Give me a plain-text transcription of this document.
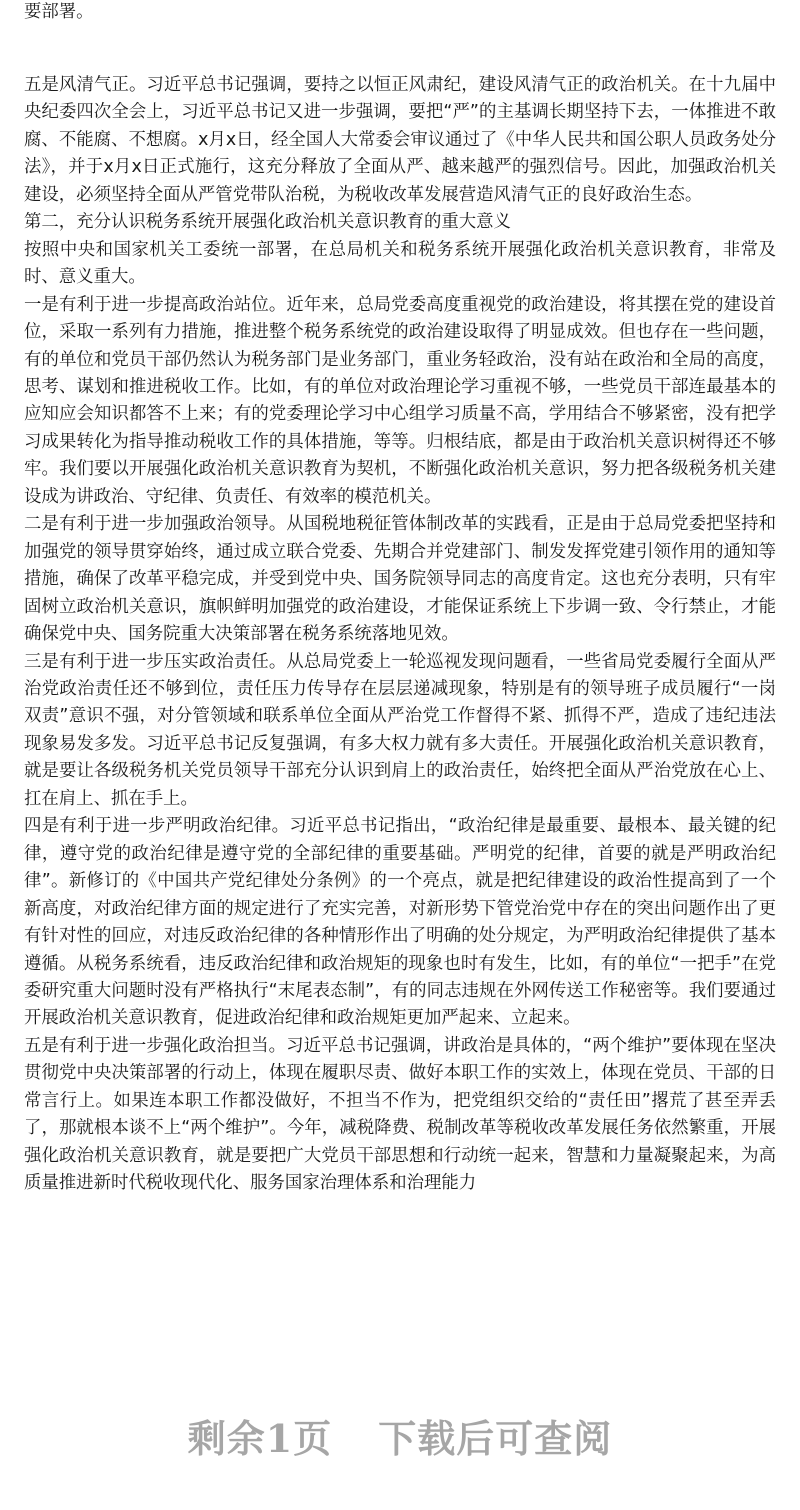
要部署。

五是风清气正。习近平总书记强调，要持之以恒正风肃纪，建设风清气正的政治机关。在十九届中央纪委四次全会上，习近平总书记又进一步强调，要把“严”的主基调长期坚持下去，一体推进不敢腐、不能腐、不想腐。x月x日，经全国人大常委会审议通过了《中华人民共和国公职人员政务处分法》，并于x月x日正式施行，这充分释放了全面从严、越来越严的强烈信号。因此，加强政治机关建设，必须坚持全面从严管党带队治税，为税收改革发展营造风清气正的良好政治生态。

第二，充分认识税务系统开展强化政治机关意识教育的重大意义

按照中央和国家机关工委统一部署，在总局机关和税务系统开展强化政治机关意识教育，非常及时、意义重大。

一是有利于进一步提高政治站位。近年来，总局党委高度重视党的政治建设，将其摆在党的建设首位，采取一系列有力措施，推进整个税务系统党的政治建设取得了明显成效。但也存在一些问题，有的单位和党员干部仍然认为税务部门是业务部门，重业务轻政治，没有站在政治和全局的高度，思考、谋划和推进税收工作。比如，有的单位对政治理论学习重视不够，一些党员干部连最基本的应知应会知识都答不上来；有的党委理论学习中心组学习质量不高，学用结合不够紧密，没有把学习成果转化为指导推动税收工作的具体措施，等等。归根结底，都是由于政治机关意识树得还不够牢。我们要以开展强化政治机关意识教育为契机，不断强化政治机关意识，努力把各级税务机关建设成为讲政治、守纪律、负责任、有效率的模范机关。

二是有利于进一步加强政治领导。从国税地税征管体制改革的实践看，正是由于总局党委把坚持和加强党的领导贯穿始终，通过成立联合党委、先期合并党建部门、制发发挥党建引领作用的通知等措施，确保了改革平稳完成，并受到党中央、国务院领导同志的高度肯定。这也充分表明，只有牢固树立政治机关意识，旗帜鲜明加强党的政治建设，才能保证系统上下步调一致、令行禁止，才能确保党中央、国务院重大决策部署在税务系统落地见效。

三是有利于进一步压实政治责任。从总局党委上一轮巡视发现问题看，一些省局党委履行全面从严治党政治责任还不够到位，责任压力传导存在层层递减现象，特别是有的领导班子成员履行“一岗双责”意识不强，对分管领域和联系单位全面从严治党工作督得不紧、抓得不严，造成了违纪违法现象易发多发。习近平总书记反复强调，有多大权力就有多大责任。开展强化政治机关意识教育，就是要让各级税务机关党员领导干部充分认识到肩上的政治责任，始终把全面从严治党放在心上、扛在肩上、抓在手上。

四是有利于进一步严明政治纪律。习近平总书记指出，“政治纪律是最重要、最根本、最关键的纪律，遵守党的政治纪律是遵守党的全部纪律的重要基础。严明党的纪律，首要的就是严明政治纪律”。新修订的《中国共产党纪律处分条例》的一个亮点，就是把纪律建设的政治性提高到了一个新高度，对政治纪律方面的规定进行了充实完善，对新形势下管党治党中存在的突出问题作出了更有针对性的回应，对违反政治纪律的各种情形作出了明确的处分规定，为严明政治纪律提供了基本遵循。从税务系统看，违反政治纪律和政治规矩的现象也时有发生，比如，有的单位“一把手”在党委研究重大问题时没有严格执行“末尾表态制”，有的同志违规在外网传送工作秘密等。我们要通过开展政治机关意识教育，促进政治纪律和政治规矩更加严起来、立起来。

五是有利于进一步强化政治担当。习近平总书记强调，讲政治是具体的，“两个维护”要体现在坚决贯彻党中央决策部署的行动上，体现在履职尽责、做好本职工作的实效上，体现在党员、干部的日常言行上。如果连本职工作都没做好，不担当不作为，把党组织交给的“责任田”撂荒了甚至弄丢了，那就根本谈不上“两个维护”。今年，减税降费、税制改革等税收改革发展任务依然繁重，开展强化政治机关意识教育，就是要把广大党员干部思想和行动统一起来，智慧和力量凝聚起来，为高质量推进新时代税收现代化、服务国家治理体系和治理能力

剩余1页 下载后可查阅
